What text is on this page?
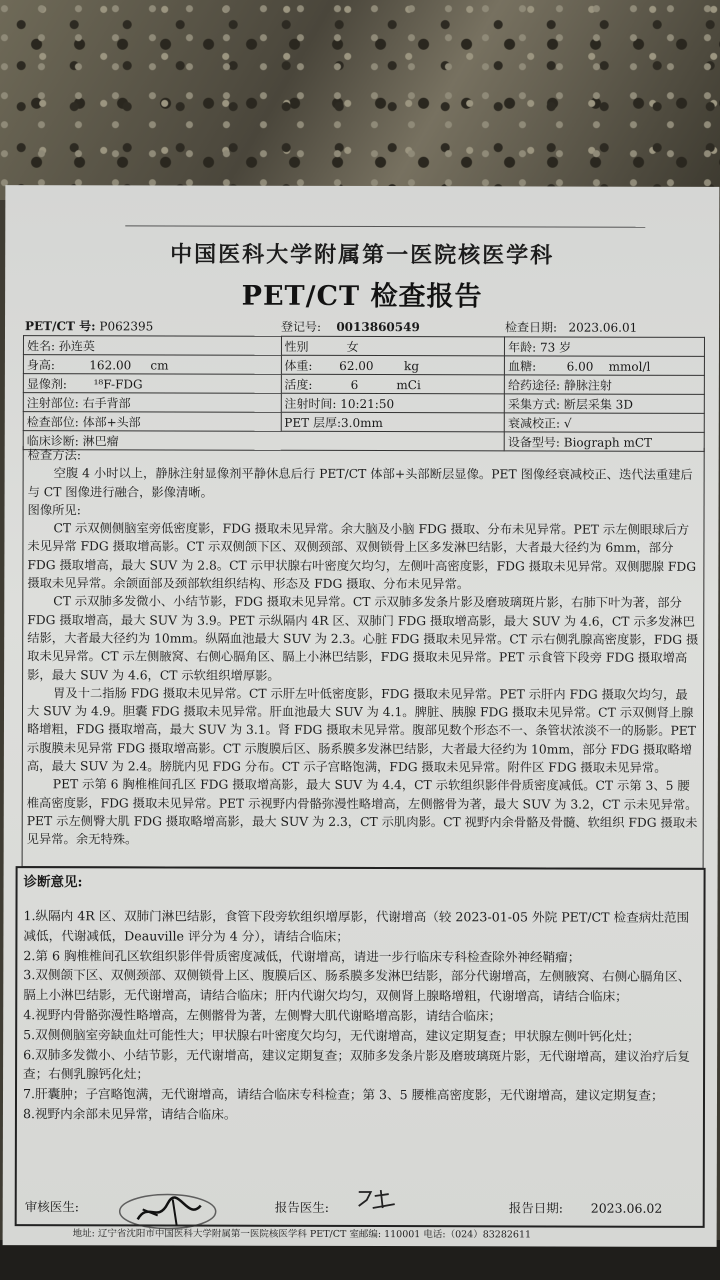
中国医科大学附属第一医院核医学科
PET/CT 检查报告
PET/CT 号: P062395	登记号: 0013860549	检查日期: 2023.06.01
姓名: 孙连英	性别 女	年龄: 73 岁
身高: 162.00 cm	体重: 62.00 kg	血糖: 6.00 mmol/l
显像剂: ¹⁸F-FDG	活度: 6 mCi	给药途径: 静脉注射
注射部位: 右手背部	注射时间: 10:21:50	采集方式: 断层采集 3D
检查部位: 体部+头部	PET 层厚:3.0mm	衰减校正: √
临床诊断: 淋巴瘤		设备型号: Biograph mCT

检查方法:

空腹 4 小时以上，静脉注射显像剂平静休息后行 PET/CT 体部+头部断层显像。PET 图像经衰减校正、迭代法重建后与 CT 图像进行融合，影像清晰。

图像所见:

CT 示双侧侧脑室旁低密度影，FDG 摄取未见异常。余大脑及小脑 FDG 摄取、分布未见异常。PET 示左侧眼球后方未见异常 FDG 摄取增高影。CT 示双侧颌下区、双侧颈部、双侧锁骨上区多发淋巴结影，大者最大径约为 6mm，部分 FDG 摄取增高，最大 SUV 为 2.8。CT 示甲状腺右叶密度欠均匀，左侧叶高密度影，FDG 摄取未见异常。双侧腮腺 FDG 摄取未见异常。余颌面部及颈部软组织结构、形态及 FDG 摄取、分布未见异常。

CT 示双肺多发微小、小结节影，FDG 摄取未见异常。CT 示双肺多发条片影及磨玻璃斑片影，右肺下叶为著，部分 FDG 摄取增高，最大 SUV 为 3.9。PET 示纵隔内 4R 区、双肺门 FDG 摄取增高影，最大 SUV 为 4.6，CT 示多发淋巴结影，大者最大径约为 10mm。纵隔血池最大 SUV 为 2.3。心脏 FDG 摄取未见异常。CT 示右侧乳腺高密度影，FDG 摄取未见异常。CT 示左侧腋窝、右侧心膈角区、膈上小淋巴结影，FDG 摄取未见异常。PET 示食管下段旁 FDG 摄取增高影，最大 SUV 为 4.6，CT 示软组织增厚影。

胃及十二指肠 FDG 摄取未见异常。CT 示肝左叶低密度影，FDG 摄取未见异常。PET 示肝内 FDG 摄取欠均匀，最大 SUV 为 4.9。胆囊 FDG 摄取未见异常。肝血池最大 SUV 为 4.1。脾脏、胰腺 FDG 摄取未见异常。CT 示双侧肾上腺略增粗，FDG 摄取增高，最大 SUV 为 3.1。肾 FDG 摄取未见异常。腹部见数个形态不一、条管状浓淡不一的肠影。PET 示腹膜未见异常 FDG 摄取增高影。CT 示腹膜后区、肠系膜多发淋巴结影，大者最大径约为 10mm，部分 FDG 摄取略增高，最大 SUV 为 2.4。膀胱内见 FDG 分布。CT 示子宫略饱满，FDG 摄取未见异常。附件区 FDG 摄取未见异常。

PET 示第 6 胸椎椎间孔区 FDG 摄取增高影，最大 SUV 为 4.4，CT 示软组织影伴骨质密度减低。CT 示第 3、5 腰椎高密度影，FDG 摄取未见异常。PET 示视野内骨骼弥漫性略增高，左侧髂骨为著，最大 SUV 为 3.2，CT 示未见异常。PET 示左侧臀大肌 FDG 摄取略增高影，最大 SUV 为 2.3，CT 示肌肉影。CT 视野内余骨骼及骨髓、软组织 FDG 摄取未见异常。余无特殊。

诊断意见:

1.纵隔内 4R 区、双肺门淋巴结影，食管下段旁软组织增厚影，代谢增高（较 2023-01-05 外院 PET/CT 检查病灶范围减低，代谢减低，Deauville 评分为 4 分），请结合临床；

2.第 6 胸椎椎间孔区软组织影伴骨质密度减低，代谢增高，请进一步行临床专科检查除外神经鞘瘤；

3.双侧颌下区、双侧颈部、双侧锁骨上区、腹膜后区、肠系膜多发淋巴结影，部分代谢增高，左侧腋窝、右侧心膈角区、膈上小淋巴结影，无代谢增高，请结合临床；肝内代谢欠均匀，双侧肾上腺略增粗，代谢增高，请结合临床；

4.视野内骨骼弥漫性略增高，左侧髂骨为著，左侧臀大肌代谢略增高影，请结合临床；

5.双侧侧脑室旁缺血灶可能性大；甲状腺右叶密度欠均匀，无代谢增高，建议定期复查；甲状腺左侧叶钙化灶；

6.双肺多发微小、小结节影，无代谢增高，建议定期复查；双肺多发条片影及磨玻璃斑片影，无代谢增高，建议治疗后复查；右侧乳腺钙化灶；

7.肝囊肿；子宫略饱满，无代谢增高，请结合临床专科检查；第 3、5 腰椎高密度影，无代谢增高，建议定期复查；

8.视野内余部未见异常，请结合临床。

审核医生:	报告医生:	报告日期: 2023.06.02
地址: 辽宁省沈阳市中国医科大学附属第一医院核医学科 PET/CT 室邮编: 110001 电话:（024）83282611
